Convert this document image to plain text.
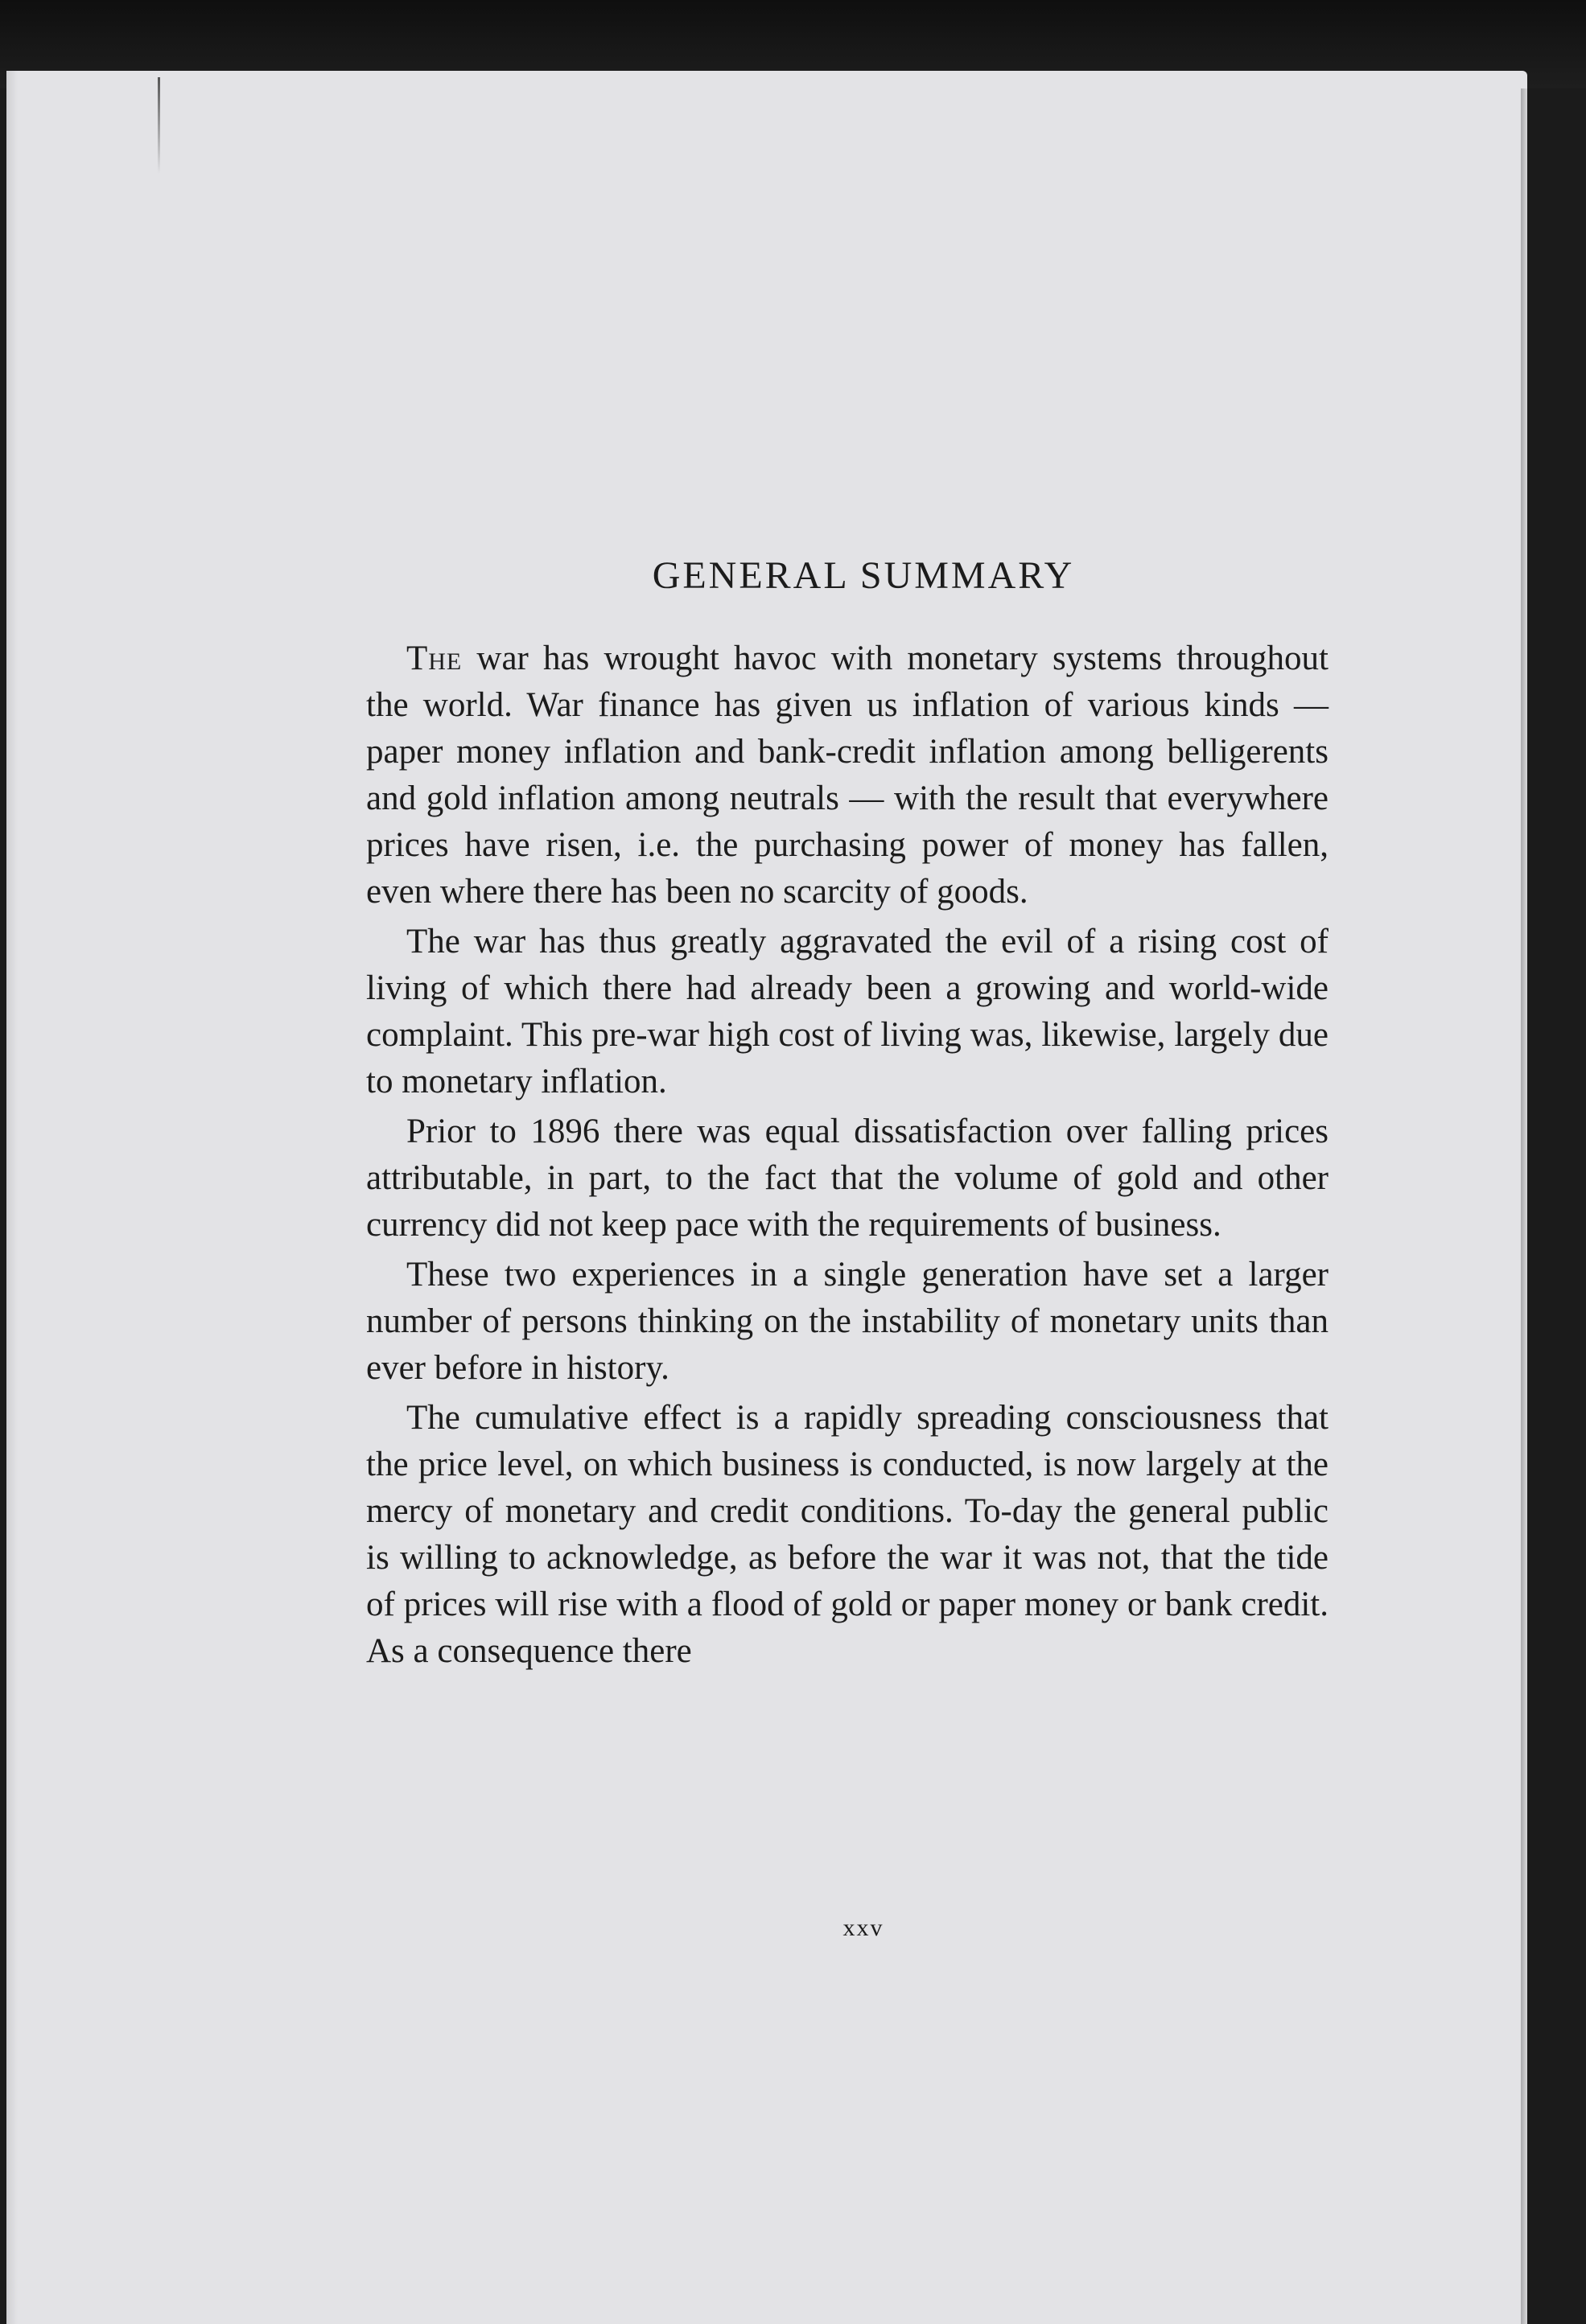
GENERAL SUMMARY

The war has wrought havoc with monetary systems throughout the world. War finance has given us inflation of various kinds — paper money inflation and bank-credit inflation among belligerents and gold inflation among neutrals — with the result that everywhere prices have risen, i.e. the purchasing power of money has fallen, even where there has been no scarcity of goods.

The war has thus greatly aggravated the evil of a rising cost of living of which there had already been a growing and world-wide complaint. This pre-war high cost of living was, likewise, largely due to monetary inflation.

Prior to 1896 there was equal dissatisfaction over falling prices attributable, in part, to the fact that the volume of gold and other currency did not keep pace with the requirements of business.

These two experiences in a single generation have set a larger number of persons thinking on the instability of monetary units than ever before in history.

The cumulative effect is a rapidly spreading consciousness that the price level, on which business is conducted, is now largely at the mercy of monetary and credit conditions. To-day the general public is willing to acknowledge, as before the war it was not, that the tide of prices will rise with a flood of gold or paper money or bank credit. As a consequence there

xxv
